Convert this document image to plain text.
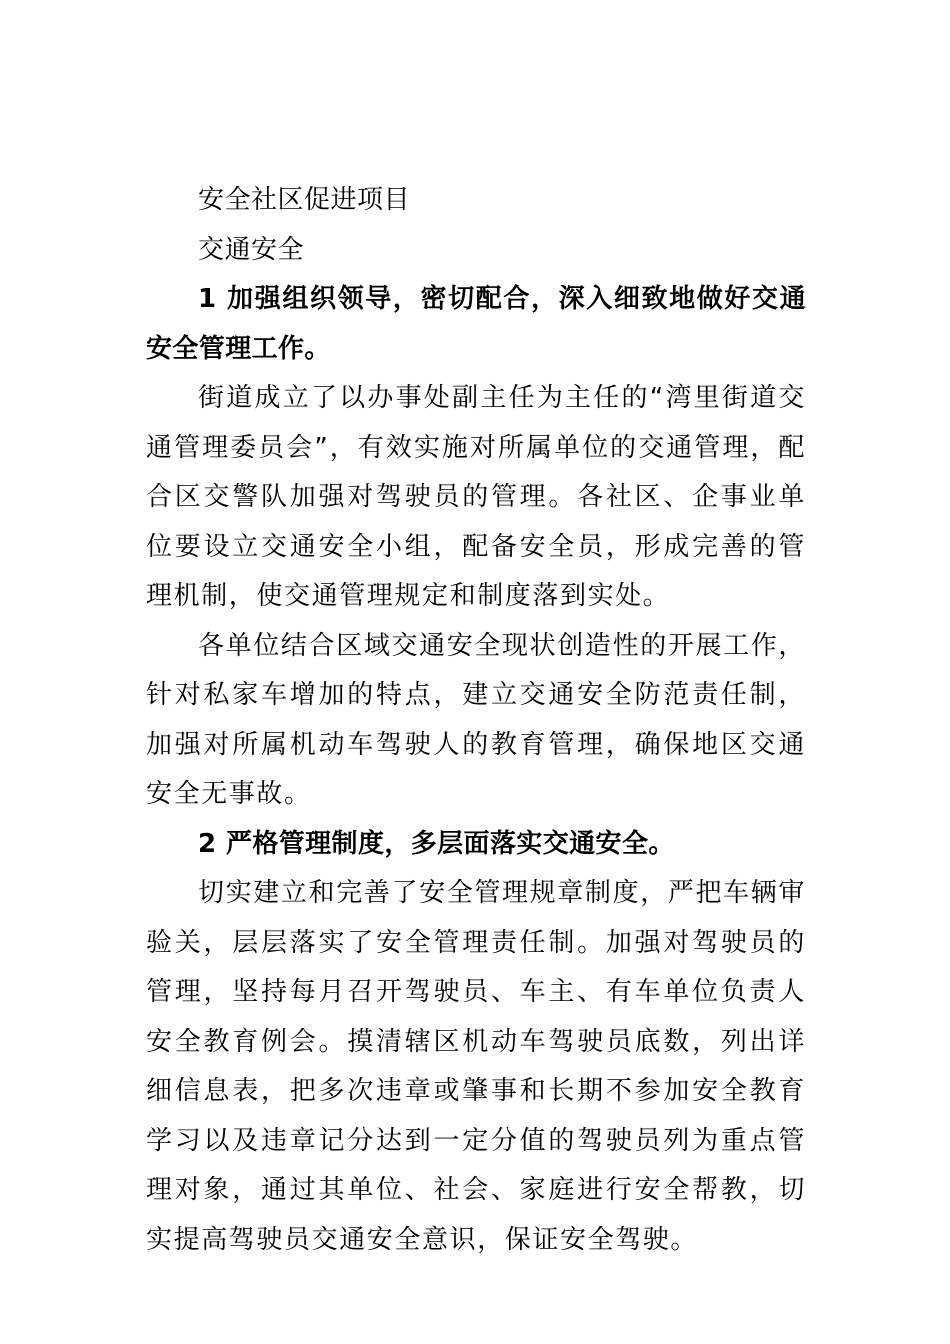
安全社区促进项目

交通安全

1 加强组织领导，密切配合，深入细致地做好交通安全管理工作。

街道成立了以办事处副主任为主任的“湾里街道交通管理委员会”，有效实施对所属单位的交通管理，配合区交警队加强对驾驶员的管理。各社区、企事业单位要设立交通安全小组，配备安全员，形成完善的管理机制，使交通管理规定和制度落到实处。

各单位结合区域交通安全现状创造性的开展工作，针对私家车增加的特点，建立交通安全防范责任制，加强对所属机动车驾驶人的教育管理，确保地区交通安全无事故。

2 严格管理制度，多层面落实交通安全。

切实建立和完善了安全管理规章制度，严把车辆审验关，层层落实了安全管理责任制。加强对驾驶员的管理，坚持每月召开驾驶员、车主、有车单位负责人安全教育例会。摸清辖区机动车驾驶员底数，列出详细信息表，把多次违章或肇事和长期不参加安全教育学习以及违章记分达到一定分值的驾驶员列为重点管理对象，通过其单位、社会、家庭进行安全帮教，切实提高驾驶员交通安全意识，保证安全驾驶。
